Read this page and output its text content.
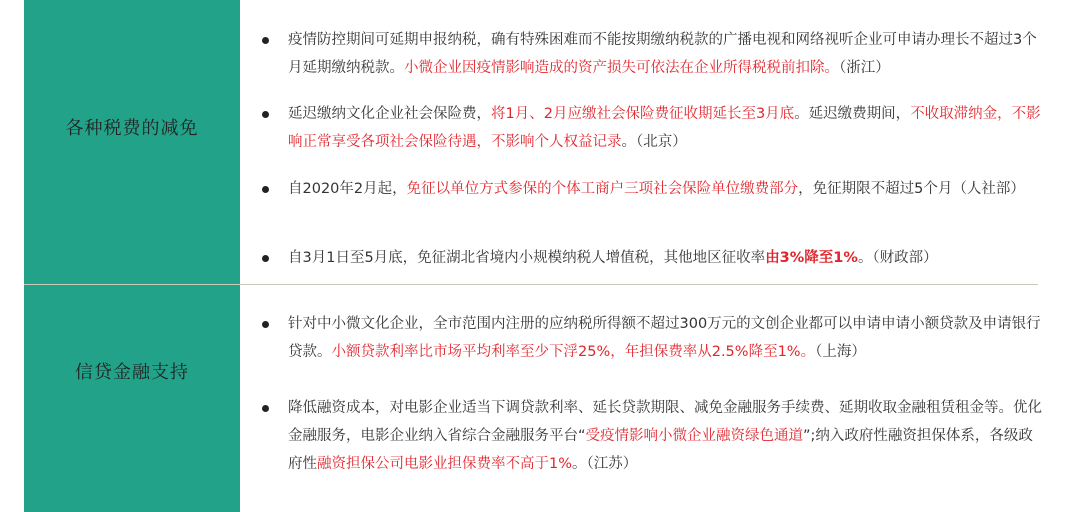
各种税费的减免
信贷金融支持
疫情防控期间可延期申报纳税，确有特殊困难而不能按期缴纳税款的广播电视和网络视听企业可申请办理长不超过3个月延期缴纳税款。小微企业因疫情影响造成的资产损失可依法在企业所得税税前扣除。（浙江）
延迟缴纳文化企业社会保险费，将1月、2月应缴社会保险费征收期延长至3月底。延迟缴费期间，不收取滞纳金，不影响正常享受各项社会保险待遇，不影响个人权益记录。（北京）
自2020年2月起，免征以单位方式参保的个体工商户三项社会保险单位缴费部分，免征期限不超过5个月（人社部）
自3月1日至5月底，免征湖北省境内小规模纳税人增值税，其他地区征收率由3%降至1%。（财政部）
针对中小微文化企业，全市范围内注册的应纳税所得额不超过300万元的文创企业都可以申请申请小额贷款及申请银行贷款。小额贷款利率比市场平均利率至少下浮25%，年担保费率从2.5%降至1%。（上海）
降低融资成本，对电影企业适当下调贷款利率、延长贷款期限、减免金融服务手续费、延期收取金融租赁租金等。优化金融服务，电影企业纳入省综合金融服务平台“受疫情影响小微企业融资绿色通道”;纳入政府性融资担保体系，各级政府性融资担保公司电影业担保费率不高于1%。（江苏）
